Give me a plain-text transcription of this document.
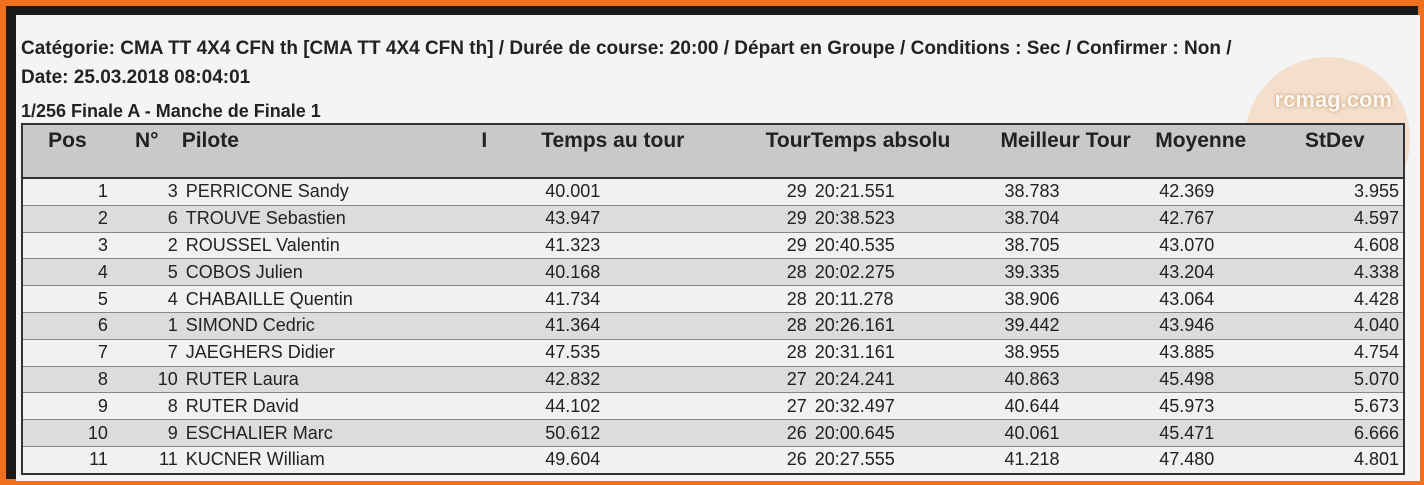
rcmag.com
Catégorie: CMA TT 4X4 CFN th [CMA TT 4X4 CFN th] / Durée de course: 20:00 / Départ en Groupe / Conditions : Sec / Confirmer : Non /
Date: 25.03.2018 08:04:01
1/256 Finale A - Manche de Finale 1
Pos	N°	Pilote	I	Temps au tour	Tour	Temps absolu	Meilleur Tour	Moyenne	StDev

1	3	PERRICONE Sandy		40.001	29	20:21.551	38.783	42.369	3.955
2	6	TROUVE Sebastien		43.947	29	20:38.523	38.704	42.767	4.597
3	2	ROUSSEL Valentin		41.323	29	20:40.535	38.705	43.070	4.608
4	5	COBOS Julien		40.168	28	20:02.275	39.335	43.204	4.338
5	4	CHABAILLE Quentin		41.734	28	20:11.278	38.906	43.064	4.428
6	1	SIMOND Cedric		41.364	28	20:26.161	39.442	43.946	4.040
7	7	JAEGHERS Didier		47.535	28	20:31.161	38.955	43.885	4.754
8	10	RUTER Laura		42.832	27	20:24.241	40.863	45.498	5.070
9	8	RUTER David		44.102	27	20:32.497	40.644	45.973	5.673
10	9	ESCHALIER Marc		50.612	26	20:00.645	40.061	45.471	6.666
11	11	KUCNER William		49.604	26	20:27.555	41.218	47.480	4.801
